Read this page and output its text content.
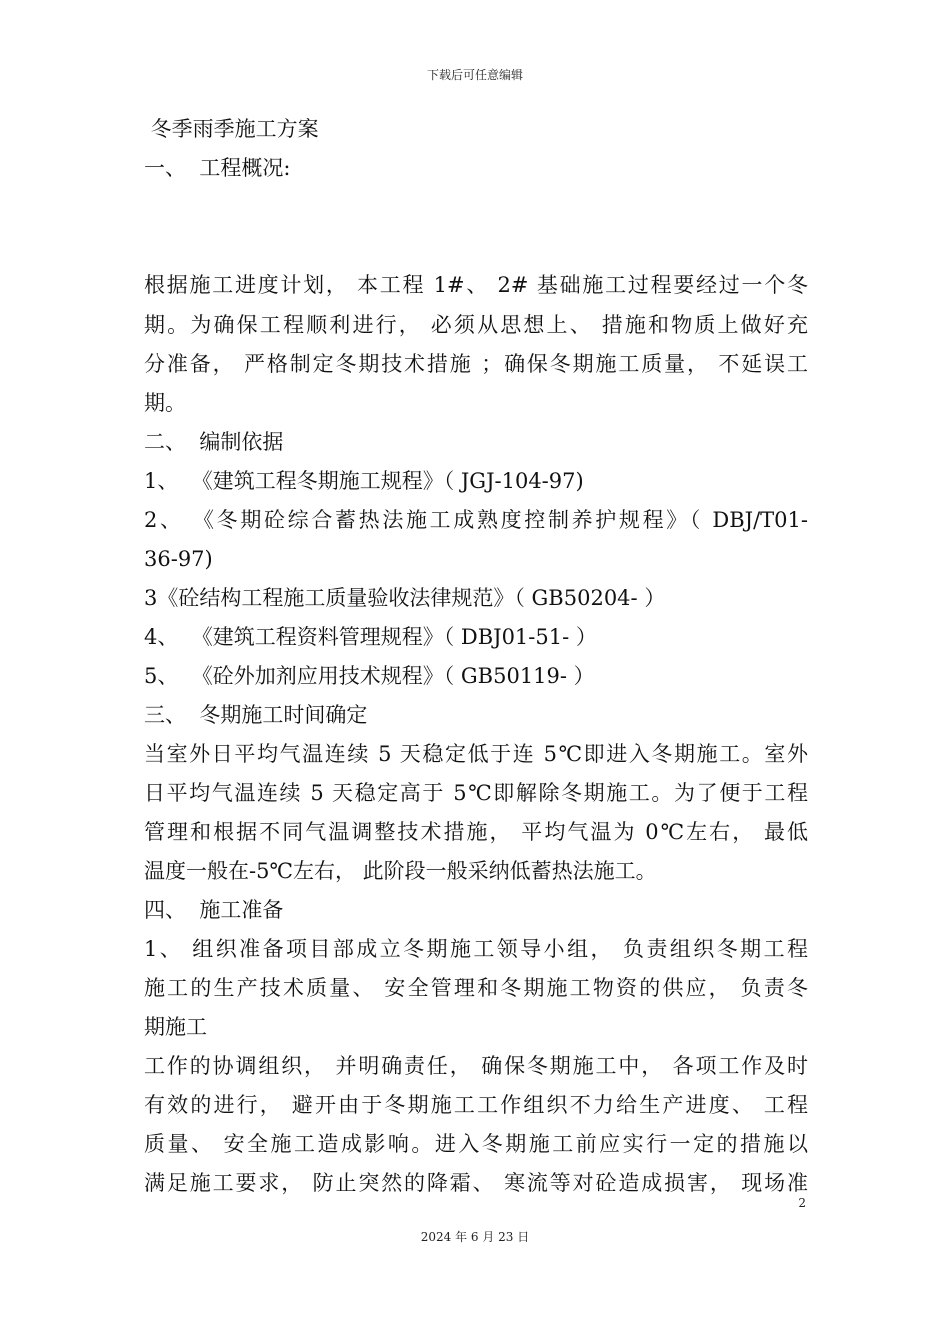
下载后可任意编辑
冬季雨季施工方案
一、  工程概况:
根据施工进度计划， 本工程 1#、 2# 基础施工过程要经过一个冬
期。为确保工程顺利进行， 必须从思想上、 措施和物质上做好充
分准备， 严格制定冬期技术措施 ；确保冬期施工质量， 不延误工
期。
二、  编制依据
1、  《建筑工程冬期施工规程》（ JGJ-104-97)
2、 《冬期砼综合蓄热法施工成熟度控制养护规程》（ DBJ/T01-
36-97)
3《砼结构工程施工质量验收法律规范》（ GB50204- ）
4、  《建筑工程资料管理规程》（ DBJ01-51- ）
5、  《砼外加剂应用技术规程》（ GB50119- ）
三、  冬期施工时间确定
当室外日平均气温连续 5 天稳定低于连 5℃即进入冬期施工。室外
日平均气温连续 5 天稳定高于 5℃即解除冬期施工。为了便于工程
管理和根据不同气温调整技术措施， 平均气温为 0℃左右， 最低
温度一般在-5℃左右， 此阶段一般采纳低蓄热法施工。
四、  施工准备
1、 组织准备项目部成立冬期施工领导小组， 负责组织冬期工程
施工的生产技术质量、 安全管理和冬期施工物资的供应， 负责冬
期施工
工作的协调组织， 并明确责任， 确保冬期施工中， 各项工作及时
有效的进行， 避开由于冬期施工工作组织不力给生产进度、 工程
质量、 安全施工造成影响。进入冬期施工前应实行一定的措施以
满足施工要求， 防止突然的降霜、 寒流等对砼造成损害， 现场准
2
2024 年 6 月 23 日
